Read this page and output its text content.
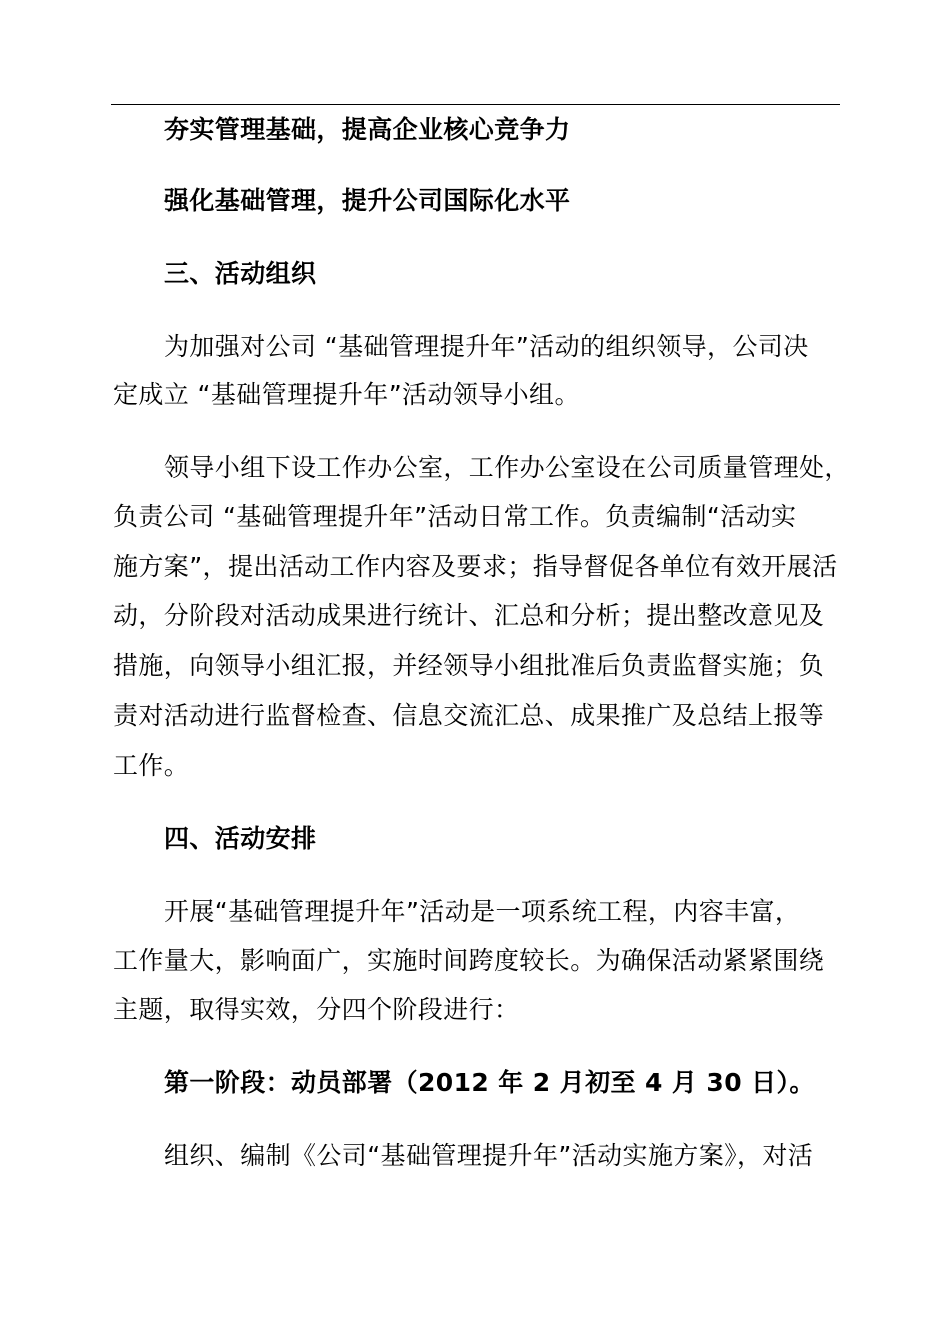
夯实管理基础，提高企业核心竞争力
强化基础管理，提升公司国际化水平
三、活动组织
为加强对公司 “基础管理提升年”活动的组织领导，公司决
定成立 “基础管理提升年”活动领导小组。
领导小组下设工作办公室，工作办公室设在公司质量管理处，
负责公司 “基础管理提升年”活动日常工作。负责编制“活动实
施方案”，提出活动工作内容及要求；指导督促各单位有效开展活
动，分阶段对活动成果进行统计、汇总和分析；提出整改意见及
措施，向领导小组汇报，并经领导小组批准后负责监督实施；负
责对活动进行监督检查、信息交流汇总、成果推广及总结上报等
工作。
四、活动安排
开展“基础管理提升年”活动是一项系统工程，内容丰富，
工作量大，影响面广，实施时间跨度较长。为确保活动紧紧围绕
主题，取得实效，分四个阶段进行：
第一阶段：动员部署（2012 年 2 月初至 4 月 30 日）。
组织、编制《公司“基础管理提升年”活动实施方案》，对活
